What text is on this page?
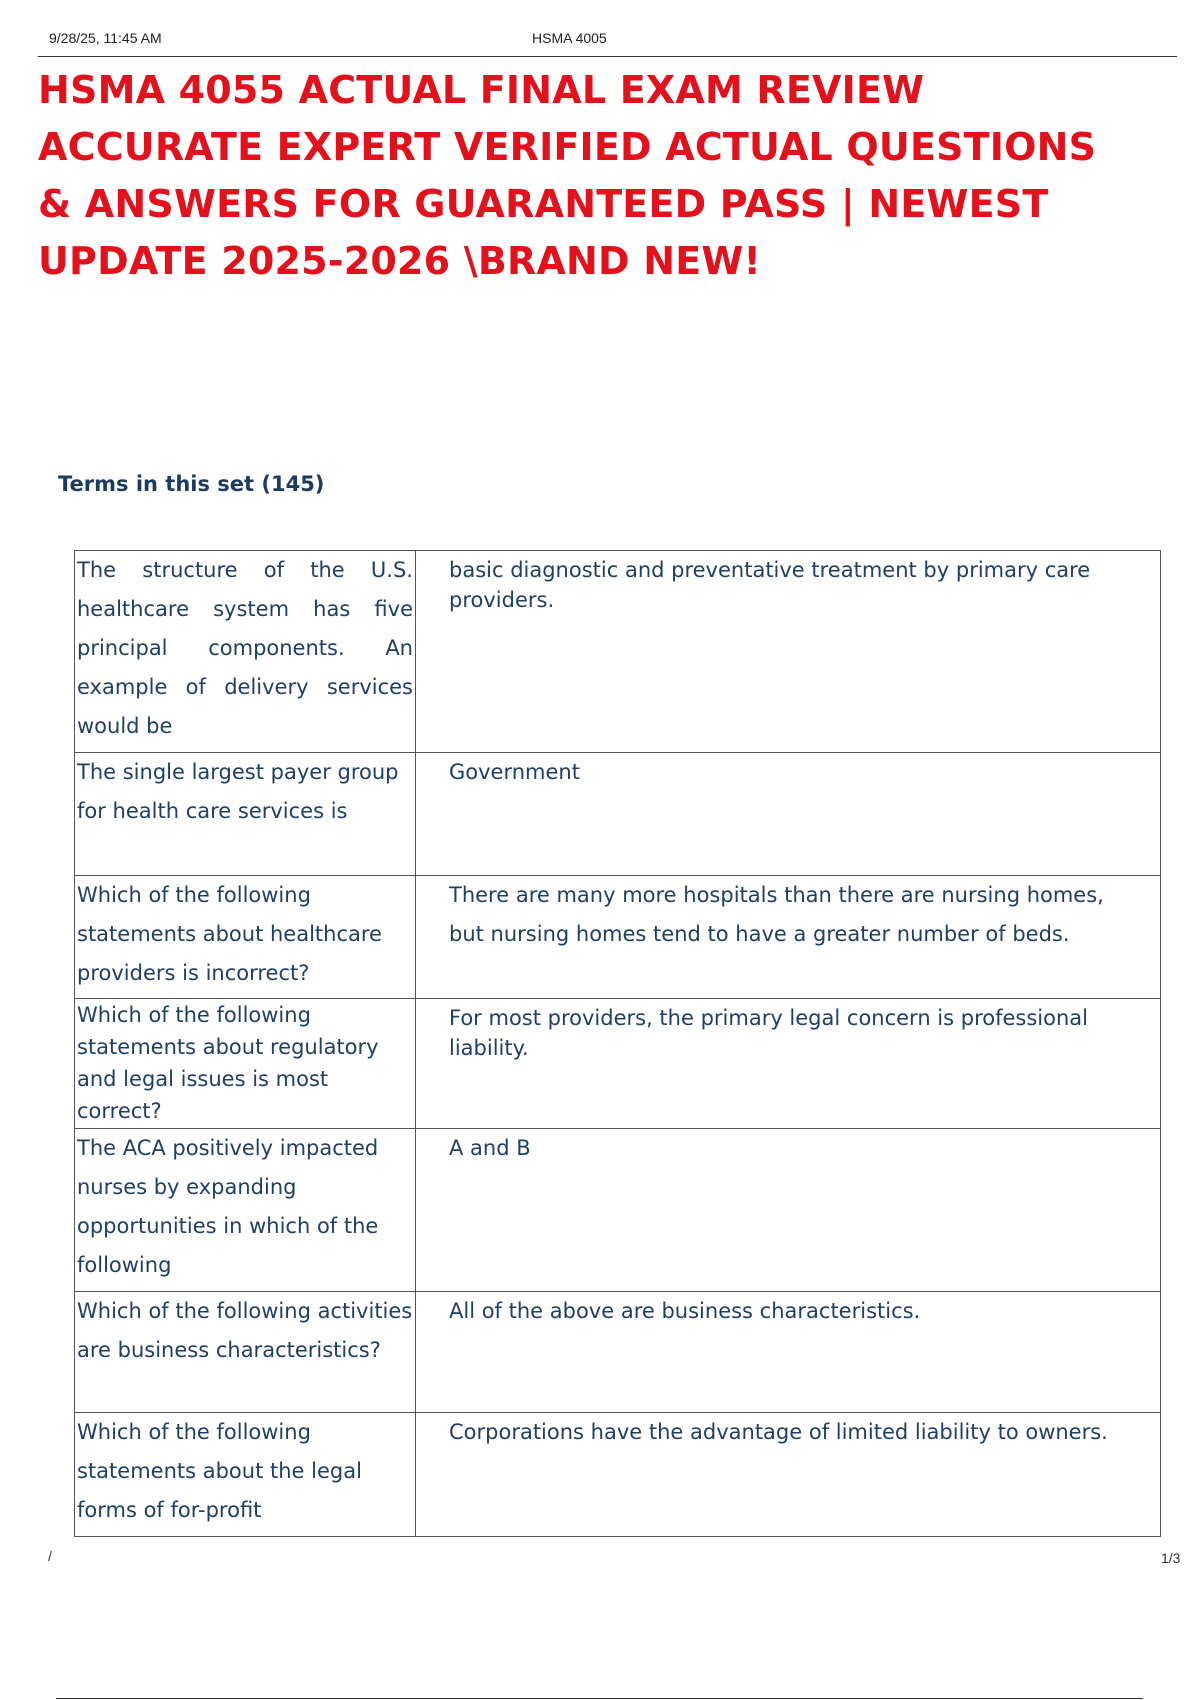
9/28/25, 11:45 AM	HSMA 4005
HSMA 4055 ACTUAL FINAL EXAM REVIEW
ACCURATE EXPERT VERIFIED ACTUAL QUESTIONS
& ANSWERS FOR GUARANTEED PASS | NEWEST
UPDATE 2025-2026 \BRAND NEW!
Terms in this set (145)
The structure of the U.S. healthcare system has five principal components. An example of delivery services would be	basic diagnostic and preventative treatment by primary care providers.
The single largest payer group for health care services is	Government
Which of the following statements about healthcare providers is incorrect?	There are many more hospitals than there are nursing homes, but nursing homes tend to have a greater number of beds.
Which of the following statements about regulatory and legal issues is most correct?	For most providers, the primary legal concern is professional liability.
The ACA positively impacted nurses by expanding opportunities in which of the following	A and B
Which of the following activities are business characteristics?	All of the above are business characteristics.
Which of the following statements about the legal forms of for-profit	Corporations have the advantage of limited liability to owners.
/	1/3
